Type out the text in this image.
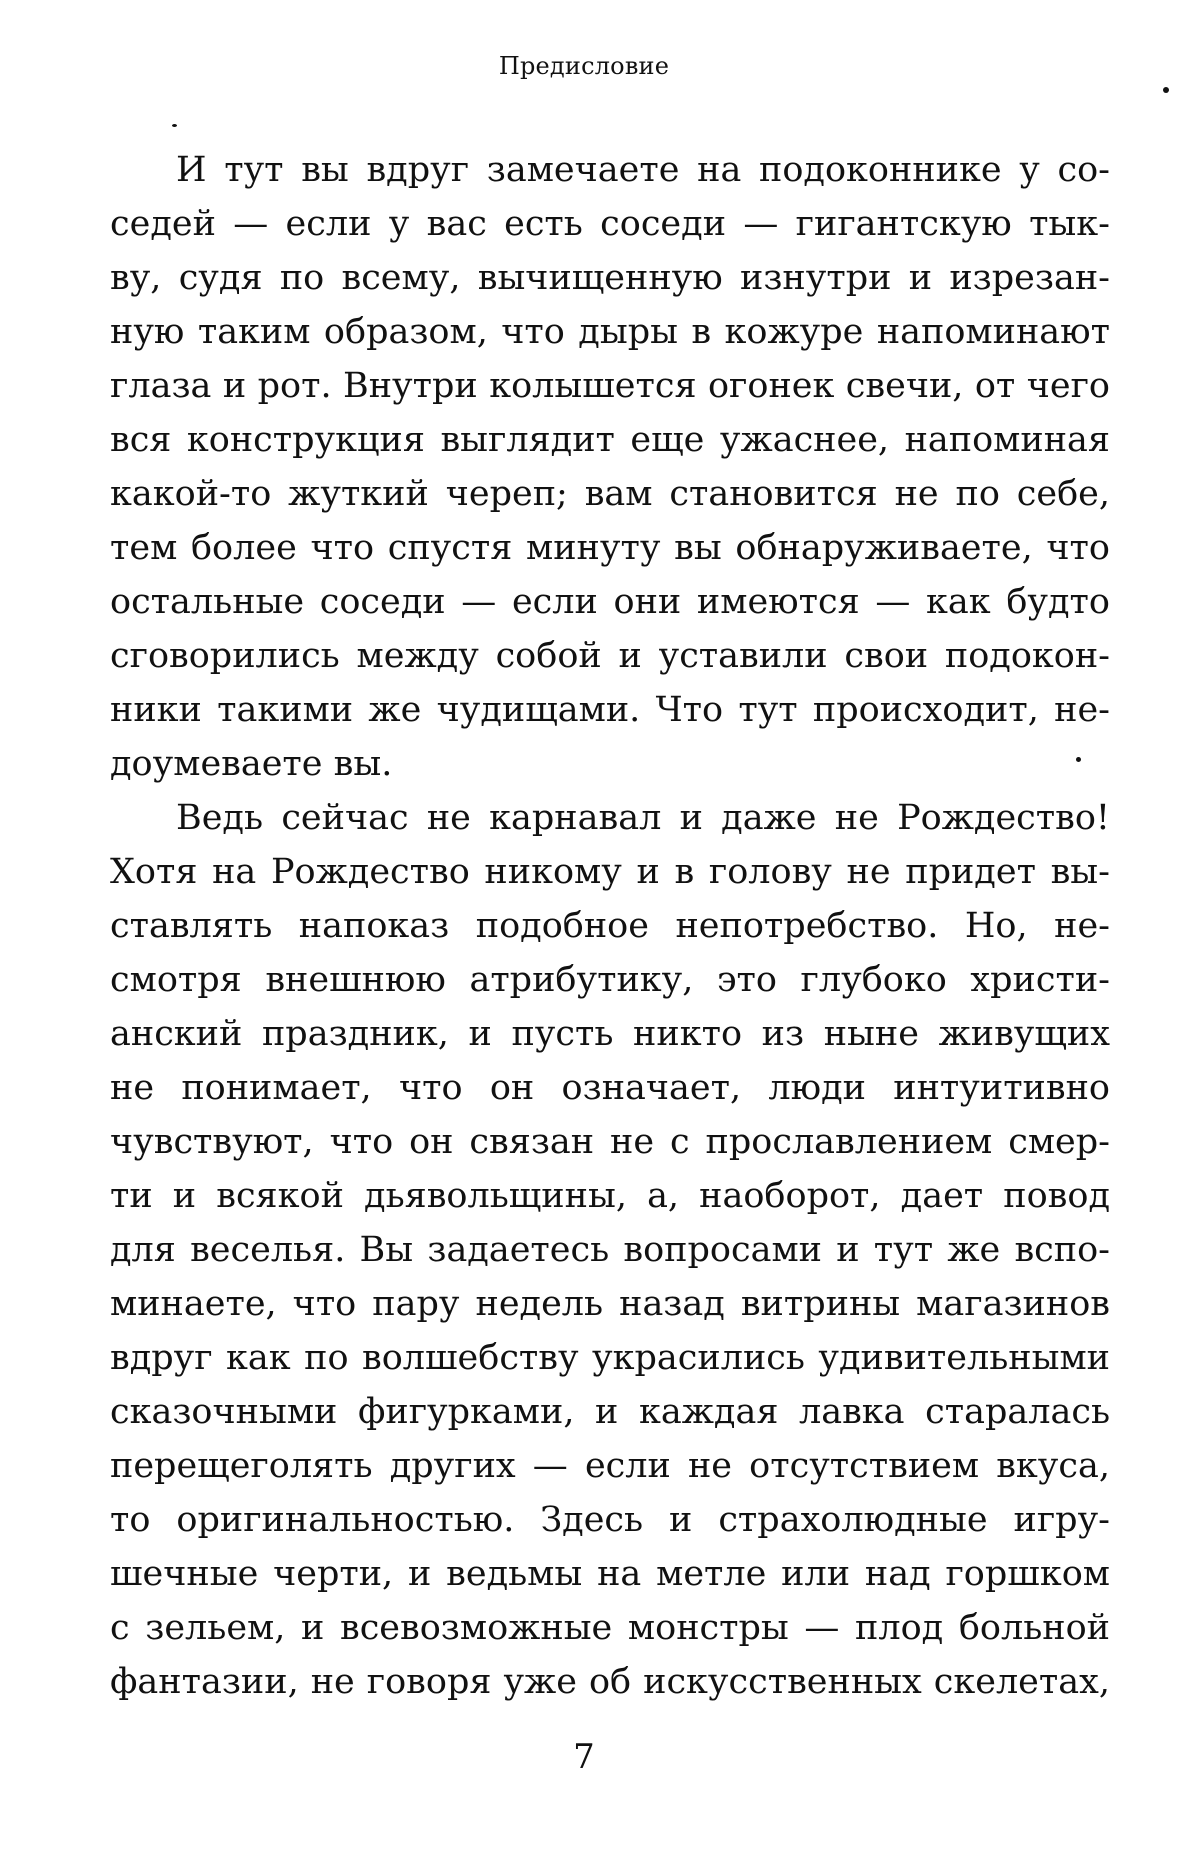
Предисловие
И тут вы вдруг замечаете на подоконнике у со-
седей — если у вас есть соседи — гигантскую тык-
ву, судя по всему, вычищенную изнутри и изрезан-
ную таким образом, что дыры в кожуре напоминают
глаза и рот. Внутри колышется огонек свечи, от чего
вся конструкция выглядит еще ужаснее, напоминая
какой-то жуткий череп; вам становится не по себе,
тем более что спустя минуту вы обнаруживаете, что
остальные соседи — если они имеются — как будто
сговорились между собой и уставили свои подокон-
ники такими же чудищами. Что тут происходит, не-
доумеваете вы.
Ведь сейчас не карнавал и даже не Рождество!
Хотя на Рождество никому и в голову не придет вы-
ставлять напоказ подобное непотребство. Но, не-
смотря внешнюю атрибутику, это глубоко христи-
анский праздник, и пусть никто из ныне живущих
не понимает, что он означает, люди интуитивно
чувствуют, что он связан не с прославлением смер-
ти и всякой дьявольщины, а, наоборот, дает повод
для веселья. Вы задаетесь вопросами и тут же вспо-
минаете, что пару недель назад витрины магазинов
вдруг как по волшебству украсились удивительными
сказочными фигурками, и каждая лавка старалась
перещеголять других — если не отсутствием вкуса,
то оригинальностью. Здесь и страхолюдные игру-
шечные черти, и ведьмы на метле или над горшком
с зельем, и всевозможные монстры — плод больной
фантазии, не говоря уже об искусственных скелетах,
7
